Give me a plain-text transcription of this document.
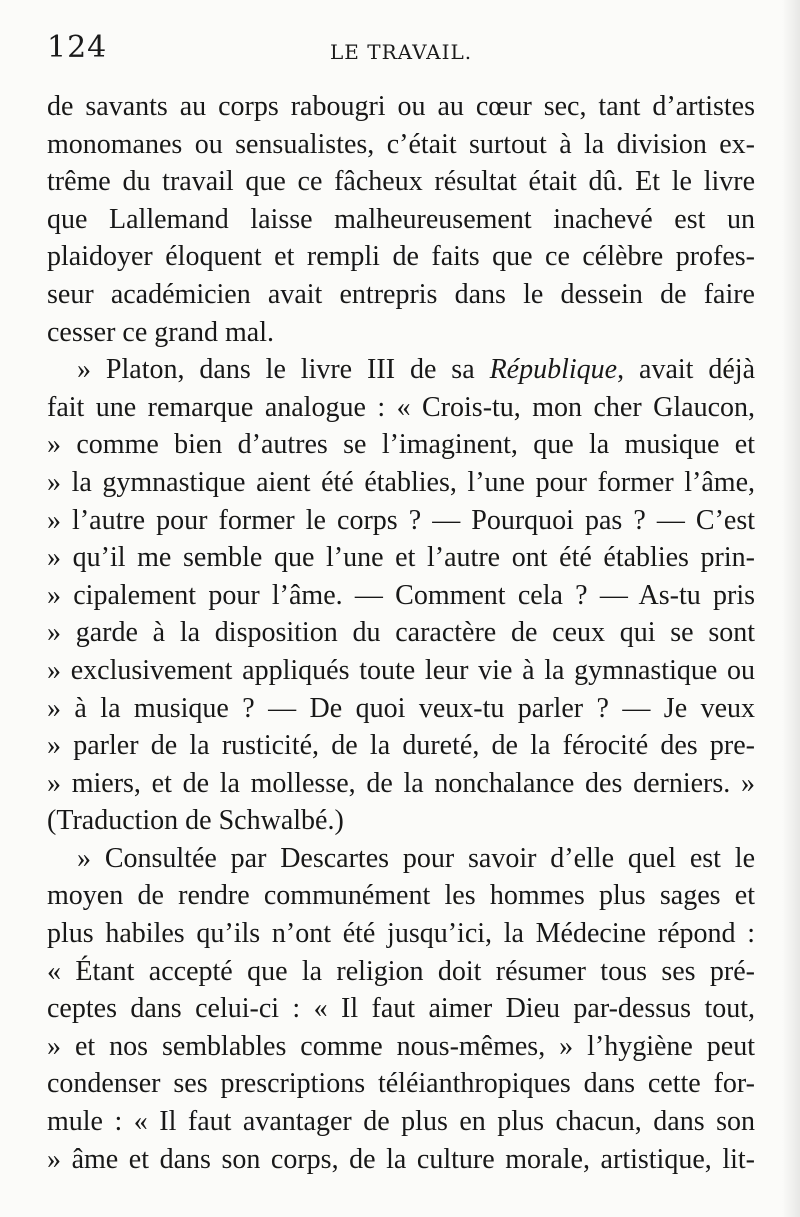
124	LE TRAVAIL.
de savants au corps rabougri ou au cœur sec, tant d’artistes
monomanes ou sensualistes, c’était surtout à la division ex-
trême du travail que ce fâcheux résultat était dû. Et le livre
que Lallemand laisse malheureusement inachevé est un
plaidoyer éloquent et rempli de faits que ce célèbre profes-
seur académicien avait entrepris dans le dessein de faire
cesser ce grand mal.
» Platon, dans le livre III de sa République, avait déjà
fait une remarque analogue : « Crois-tu, mon cher Glaucon,
» comme bien d’autres se l’imaginent, que la musique et
» la gymnastique aient été établies, l’une pour former l’âme,
» l’autre pour former le corps ? — Pourquoi pas ? — C’est
» qu’il me semble que l’une et l’autre ont été établies prin-
» cipalement pour l’âme. — Comment cela ? — As-tu pris
» garde à la disposition du caractère de ceux qui se sont
» exclusivement appliqués toute leur vie à la gymnastique ou
» à la musique ? — De quoi veux-tu parler ? — Je veux
» parler de la rusticité, de la dureté, de la férocité des pre-
» miers, et de la mollesse, de la nonchalance des derniers. »
(Traduction de Schwalbé.)
» Consultée par Descartes pour savoir d’elle quel est le
moyen de rendre communément les hommes plus sages et
plus habiles qu’ils n’ont été jusqu’ici, la Médecine répond :
« Étant accepté que la religion doit résumer tous ses pré-
ceptes dans celui-ci : « Il faut aimer Dieu par-dessus tout,
» et nos semblables comme nous-mêmes, » l’hygiène peut
condenser ses prescriptions téléianthropiques dans cette for-
mule : « Il faut avantager de plus en plus chacun, dans son
» âme et dans son corps, de la culture morale, artistique, lit-
